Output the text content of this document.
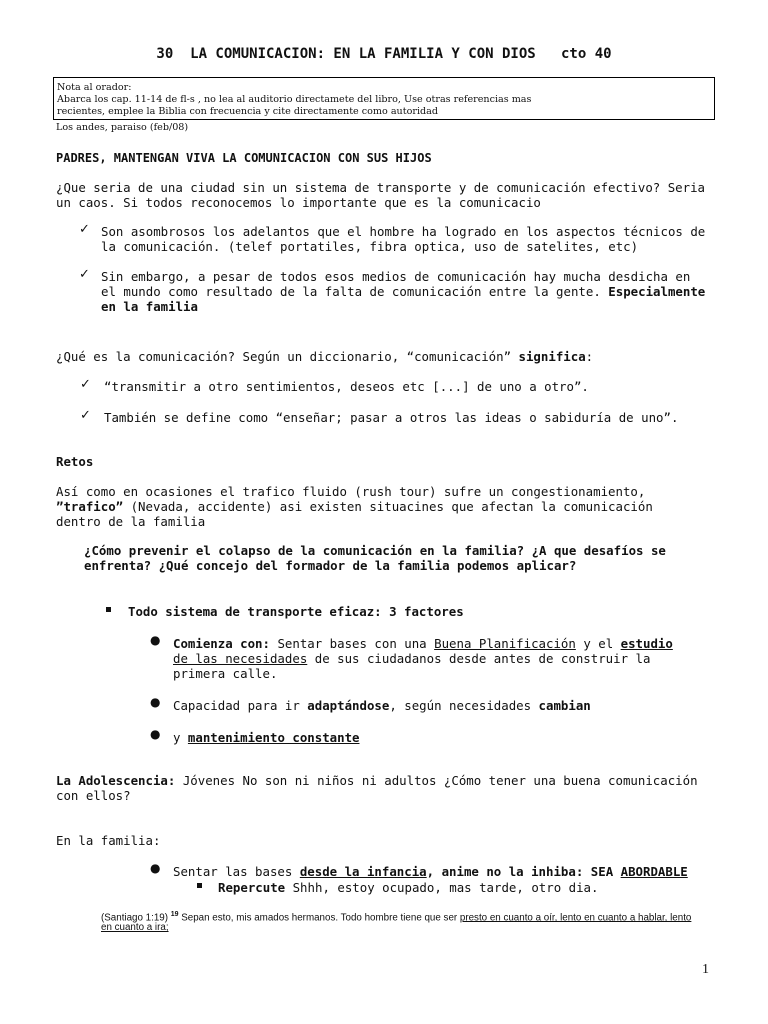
30  LA COMUNICACION: EN LA FAMILIA Y CON DIOS   cto 40
Nota al orador:
Abarca los cap. 11-14 de fl-s , no lea al auditorio directamete del libro, Use otras referencias mas
recientes, emplee la Biblia con frecuencia y cite directamente como autoridad
Los andes, paraiso (feb/08)
PADRES, MANTENGAN VIVA LA COMUNICACION CON SUS HIJOS
¿Que seria de una ciudad sin un sistema de transporte y de comunicación efectivo? Seria
un caos. Si todos reconocemos lo importante que es la comunicacio
✓ Son asombrosos los adelantos que el hombre ha logrado en los aspectos técnicos de
la comunicación. (telef portatiles, fibra optica, uso de satelites, etc)
✓ Sin embargo, a pesar de todos esos medios de comunicación hay mucha desdicha en
el mundo como resultado de la falta de comunicación entre la gente. Especialmente
en la familia
¿Qué es la comunicación? Según un diccionario, “comunicación” significa:
✓ “transmitir a otro sentimientos, deseos etc [...] de uno a otro”.
✓ También se define como “enseñar; pasar a otros las ideas o sabiduría de uno”.
Retos
Así como en ocasiones el trafico fluido (rush tour) sufre un congestionamiento,
”trafico” (Nevada, accidente) asi existen situacines que afectan la comunicación
dentro de la familia
¿Cómo prevenir el colapso de la comunicación en la familia? ¿A que desafíos se
enfrenta? ¿Qué concejo del formador de la familia podemos aplicar?
Todo sistema de transporte eficaz: 3 factores
● Comienza con: Sentar bases con una Buena Planificación y el estudio
de las necesidades de sus ciudadanos desde antes de construir la
primera calle.
● Capacidad para ir adaptándose, según necesidades cambian
● y mantenimiento constante
La Adolescencia: Jóvenes No son ni niños ni adultos ¿Cómo tener una buena comunicación
con ellos?
En la familia:
● Sentar las bases desde la infancia, anime no la inhiba: SEA ABORDABLE
Repercute Shhh, estoy ocupado, mas tarde, otro dia.
(Santiago 1:19) $^{19}$ Sepan esto, mis amados hermanos. Todo hombre tiene que ser presto en cuanto a oír, lento en cuanto a hablar, lento
en cuanto a ira;
1
